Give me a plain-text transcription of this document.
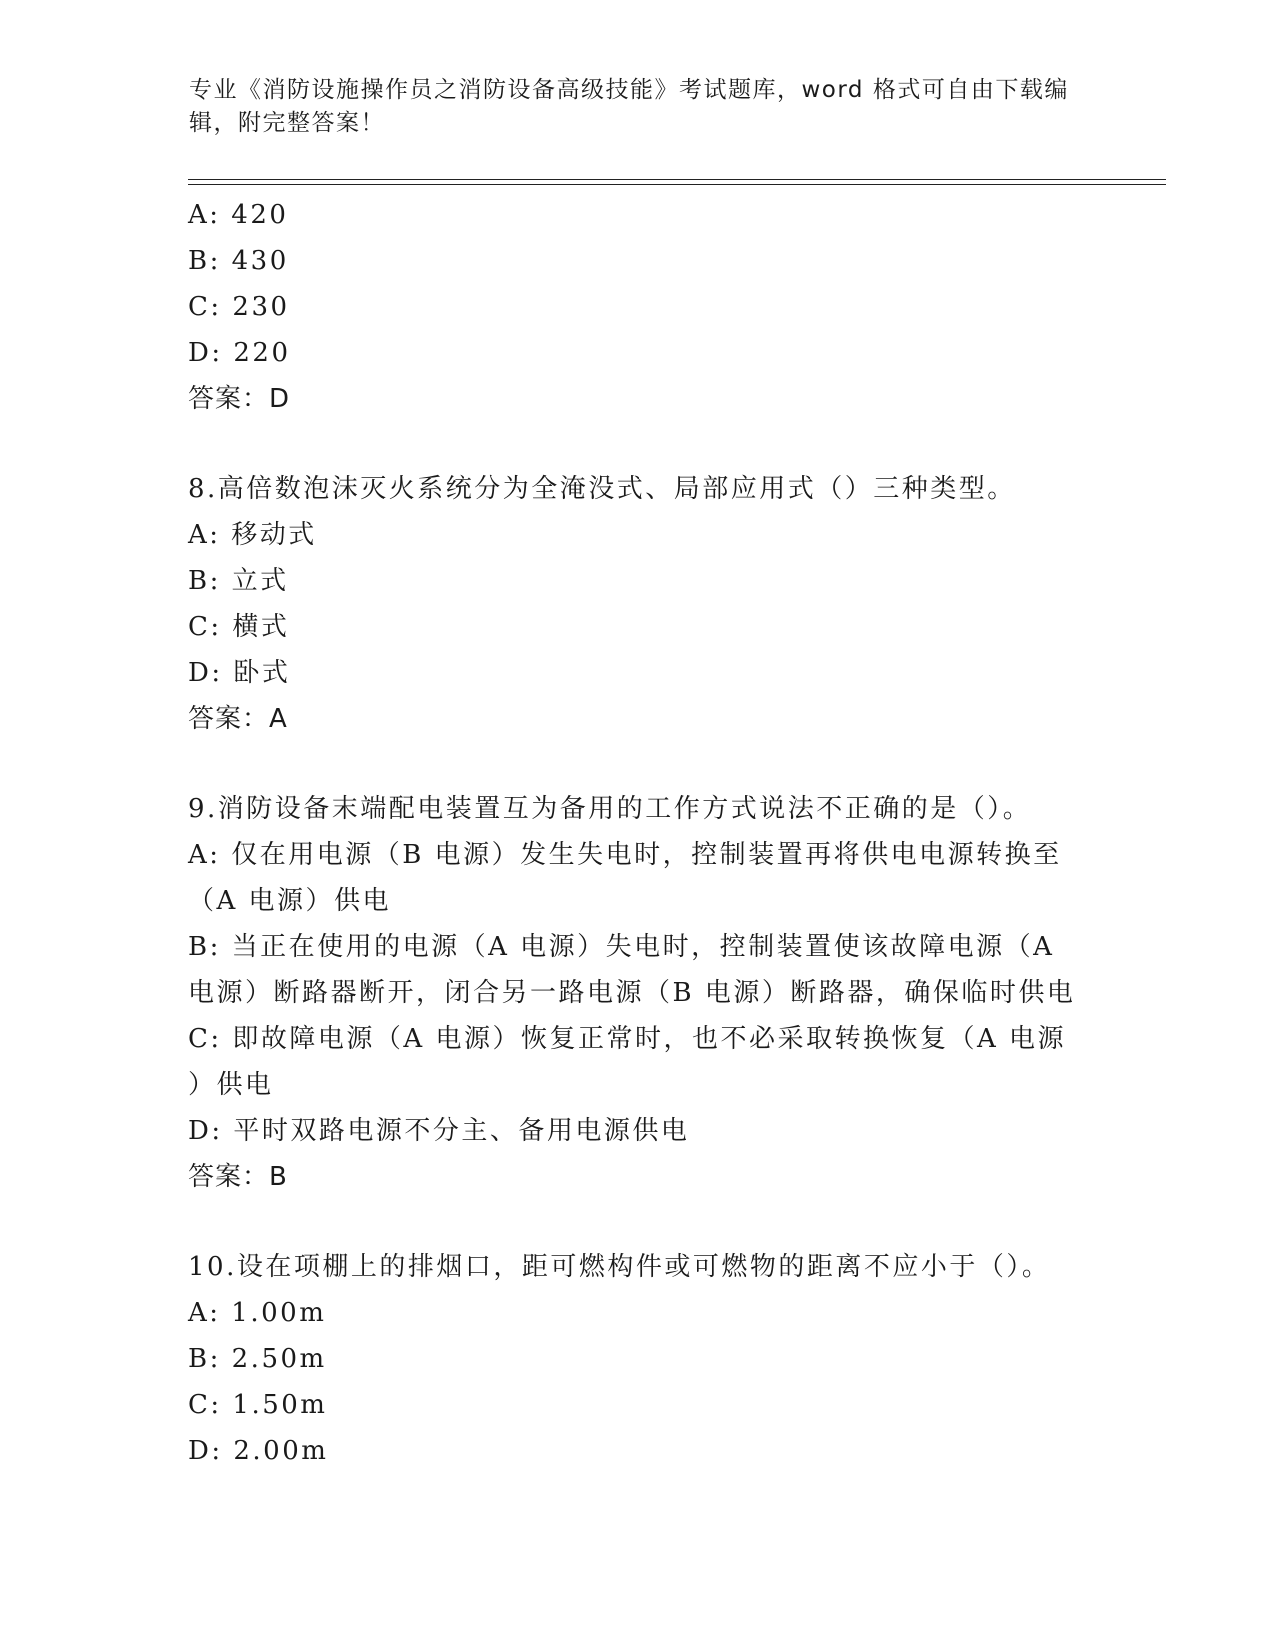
专业《消防设施操作员之消防设备高级技能》考试题库，word 格式可自由下载编
辑，附完整答案！
A: 420
B: 430
C: 230
D: 220
答案：D
8.高倍数泡沫灭火系统分为全淹没式、局部应用式（）三种类型。
A: 移动式
B: 立式
C: 横式
D: 卧式
答案：A
9.消防设备末端配电装置互为备用的工作方式说法不正确的是（）。
A: 仅在用电源（B 电源）发生失电时，控制装置再将供电电源转换至
（A 电源）供电
B: 当正在使用的电源（A 电源）失电时，控制装置使该故障电源（A
电源）断路器断开，闭合另一路电源（B 电源）断路器，确保临时供电
C: 即故障电源（A 电源）恢复正常时，也不必采取转换恢复（A 电源
）供电
D: 平时双路电源不分主、备用电源供电
答案：B
10.设在项棚上的排烟口，距可燃构件或可燃物的距离不应小于（）。
A: 1.00m
B: 2.50m
C: 1.50m
D: 2.00m
